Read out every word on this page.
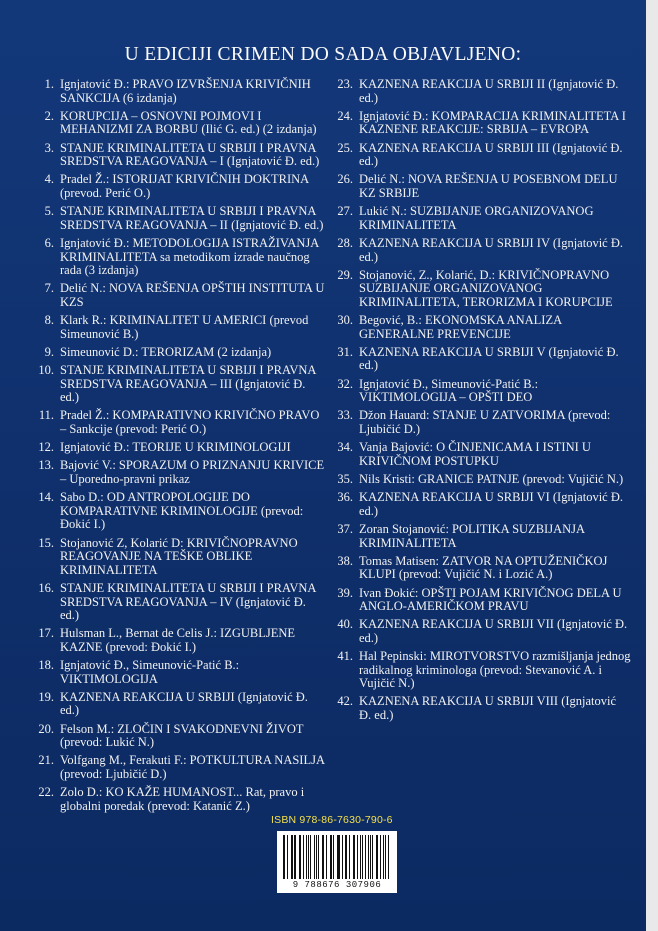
U EDICIJI CRIMEN DO SADA OBJAVLJENO:
1. Ignjatović Đ.: PRAVO IZVRŠENJA KRIVIČNIH SANKCIJA (6 izdanja)
2. KORUPCIJA – OSNOVNI POJMOVI I MEHANIZMI ZA BORBU (Ilić G. ed.) (2 izdanja)
3. STANJE KRIMINALITETA U SRBIJI I PRAVNA SREDSTVA REAGOVANJA – I (Ignjatović Đ. ed.)
4. Pradel Ž.: ISTORIJAT KRIVIČNIH DOKTRINA (prevod. Perić O.)
5. STANJE KRIMINALITETA U SRBIJI I PRAVNA SREDSTVA REAGOVANJA – II (Ignjatović Đ. ed.)
6. Ignjatović Đ.: METODOLOGIJA ISTRAŽIVANJA KRIMINALITETA sa metodikom izrade naučnog rada (3 izdanja)
7. Delić N.: NOVA REŠENJA OPŠTIH INSTITUTA U KZS
8. Klark R.: KRIMINALITET U AMERICI (prevod Simeunović B.)
9. Simeunović D.: TERORIZAM (2 izdanja)
10. STANJE KRIMINALITETA U SRBIJI I PRAVNA SREDSTVA REAGOVANJA – III (Ignjatović Đ. ed.)
11. Pradel Ž.: KOMPARATIVNO KRIVIČNO PRAVO – Sankcije (prevod: Perić O.)
12. Ignjatović Đ.: TEORIJE U KRIMINOLOGIJI
13. Bajović V.: SPORAZUM O PRIZNANJU KRIVICE – Uporedno-pravni prikaz
14. Sabo D.: OD ANTROPOLOGIJE DO KOMPARATIVNE KRIMINOLOGIJE (prevod: Đokić I.)
15. Stojanović Z, Kolarić D: KRIVIČNOPRAVNO REAGOVANJE NA TEŠKE OBLIKE KRIMINALITETA
16. STANJE KRIMINALITETA U SRBIJI I PRAVNA SREDSTVA REAGOVANJA – IV (Ignjatović Đ. ed.)
17. Hulsman L., Bernat de Celis J.: IZGUBLJENE KAZNE (prevod: Đokić I.)
18. Ignjatović Đ., Simeunović-Patić B.: VIKTIMOLOGIJA
19. KAZNENA REAKCIJA U SRBIJI (Ignjatović Đ. ed.)
20. Felson M.: ZLOČIN I SVAKODNEVNI ŽIVOT (prevod: Lukić N.)
21. Volfgang M., Ferakuti F.: POTKULTURA NASILJA (prevod: Ljubičić D.)
22. Zolo D.: KO KAŽE HUMANOST... Rat, pravo i globalni poredak (prevod: Katanić Z.)
23. KAZNENA REAKCIJA U SRBIJI II (Ignjatović Đ. ed.)
24. Ignjatović Đ.: KOMPARACIJA KRIMINALITETA I KAZNENE REAKCIJE: SRBIJA – EVROPA
25. KAZNENA REAKCIJA U SRBIJI III (Ignjatović Đ. ed.)
26. Delić N.: NOVA REŠENJA U POSEBNOM DELU KZ SRBIJE
27. Lukić N.: SUZBIJANJE ORGANIZOVANOG KRIMINALITETA
28. KAZNENA REAKCIJA U SRBIJI IV (Ignjatović Đ. ed.)
29. Stojanović, Z., Kolarić, D.: KRIVIČNOPRAVNO SUZBIJANJE ORGANIZOVANOG KRIMINALITETA, TERORIZMA I KORUPCIJE
30. Begović, B.: EKONOMSKA ANALIZA GENERALNE PREVENCIJE
31. KAZNENA REAKCIJA U SRBIJI V (Ignjatović Đ. ed.)
32. Ignjatović Đ., Simeunović-Patić B.: VIKTIMOLOGIJA – OPŠTI DEO
33. Džon Hauard: STANJE U ZATVORIMA (prevod: Ljubičić D.)
34. Vanja Bajović: O ČINJENICAMA I ISTINI U KRIVIČNOM POSTUPKU
35. Nils Kristi: GRANICE PATNJE (prevod: Vujičić N.)
36. KAZNENA REAKCIJA U SRBIJI VI (Ignjatović Đ. ed.)
37. Zoran Stojanović: POLITIKA SUZBIJANJA KRIMINALITETA
38. Tomas Matisen: ZATVOR NA OPTUŽENIČKOJ KLUPI (prevod: Vujičić N. i Lozić A.)
39. Ivan Đokić: OPŠTI POJAM KRIVIČNOG DELA U ANGLO-AMERIČKOM PRAVU
40. KAZNENA REAKCIJA U SRBIJI VII (Ignjatović Đ. ed.)
41. Hal Pepinski: MIROTVORSTVO razmišljanja jednog radikalnog kriminologa (prevod: Stevanović A. i Vujičić N.)
42. KAZNENA REAKCIJA U SRBIJI VIII (Ignjatović Đ. ed.)
ISBN 978-86-7630-790-6
9 788676 307906
